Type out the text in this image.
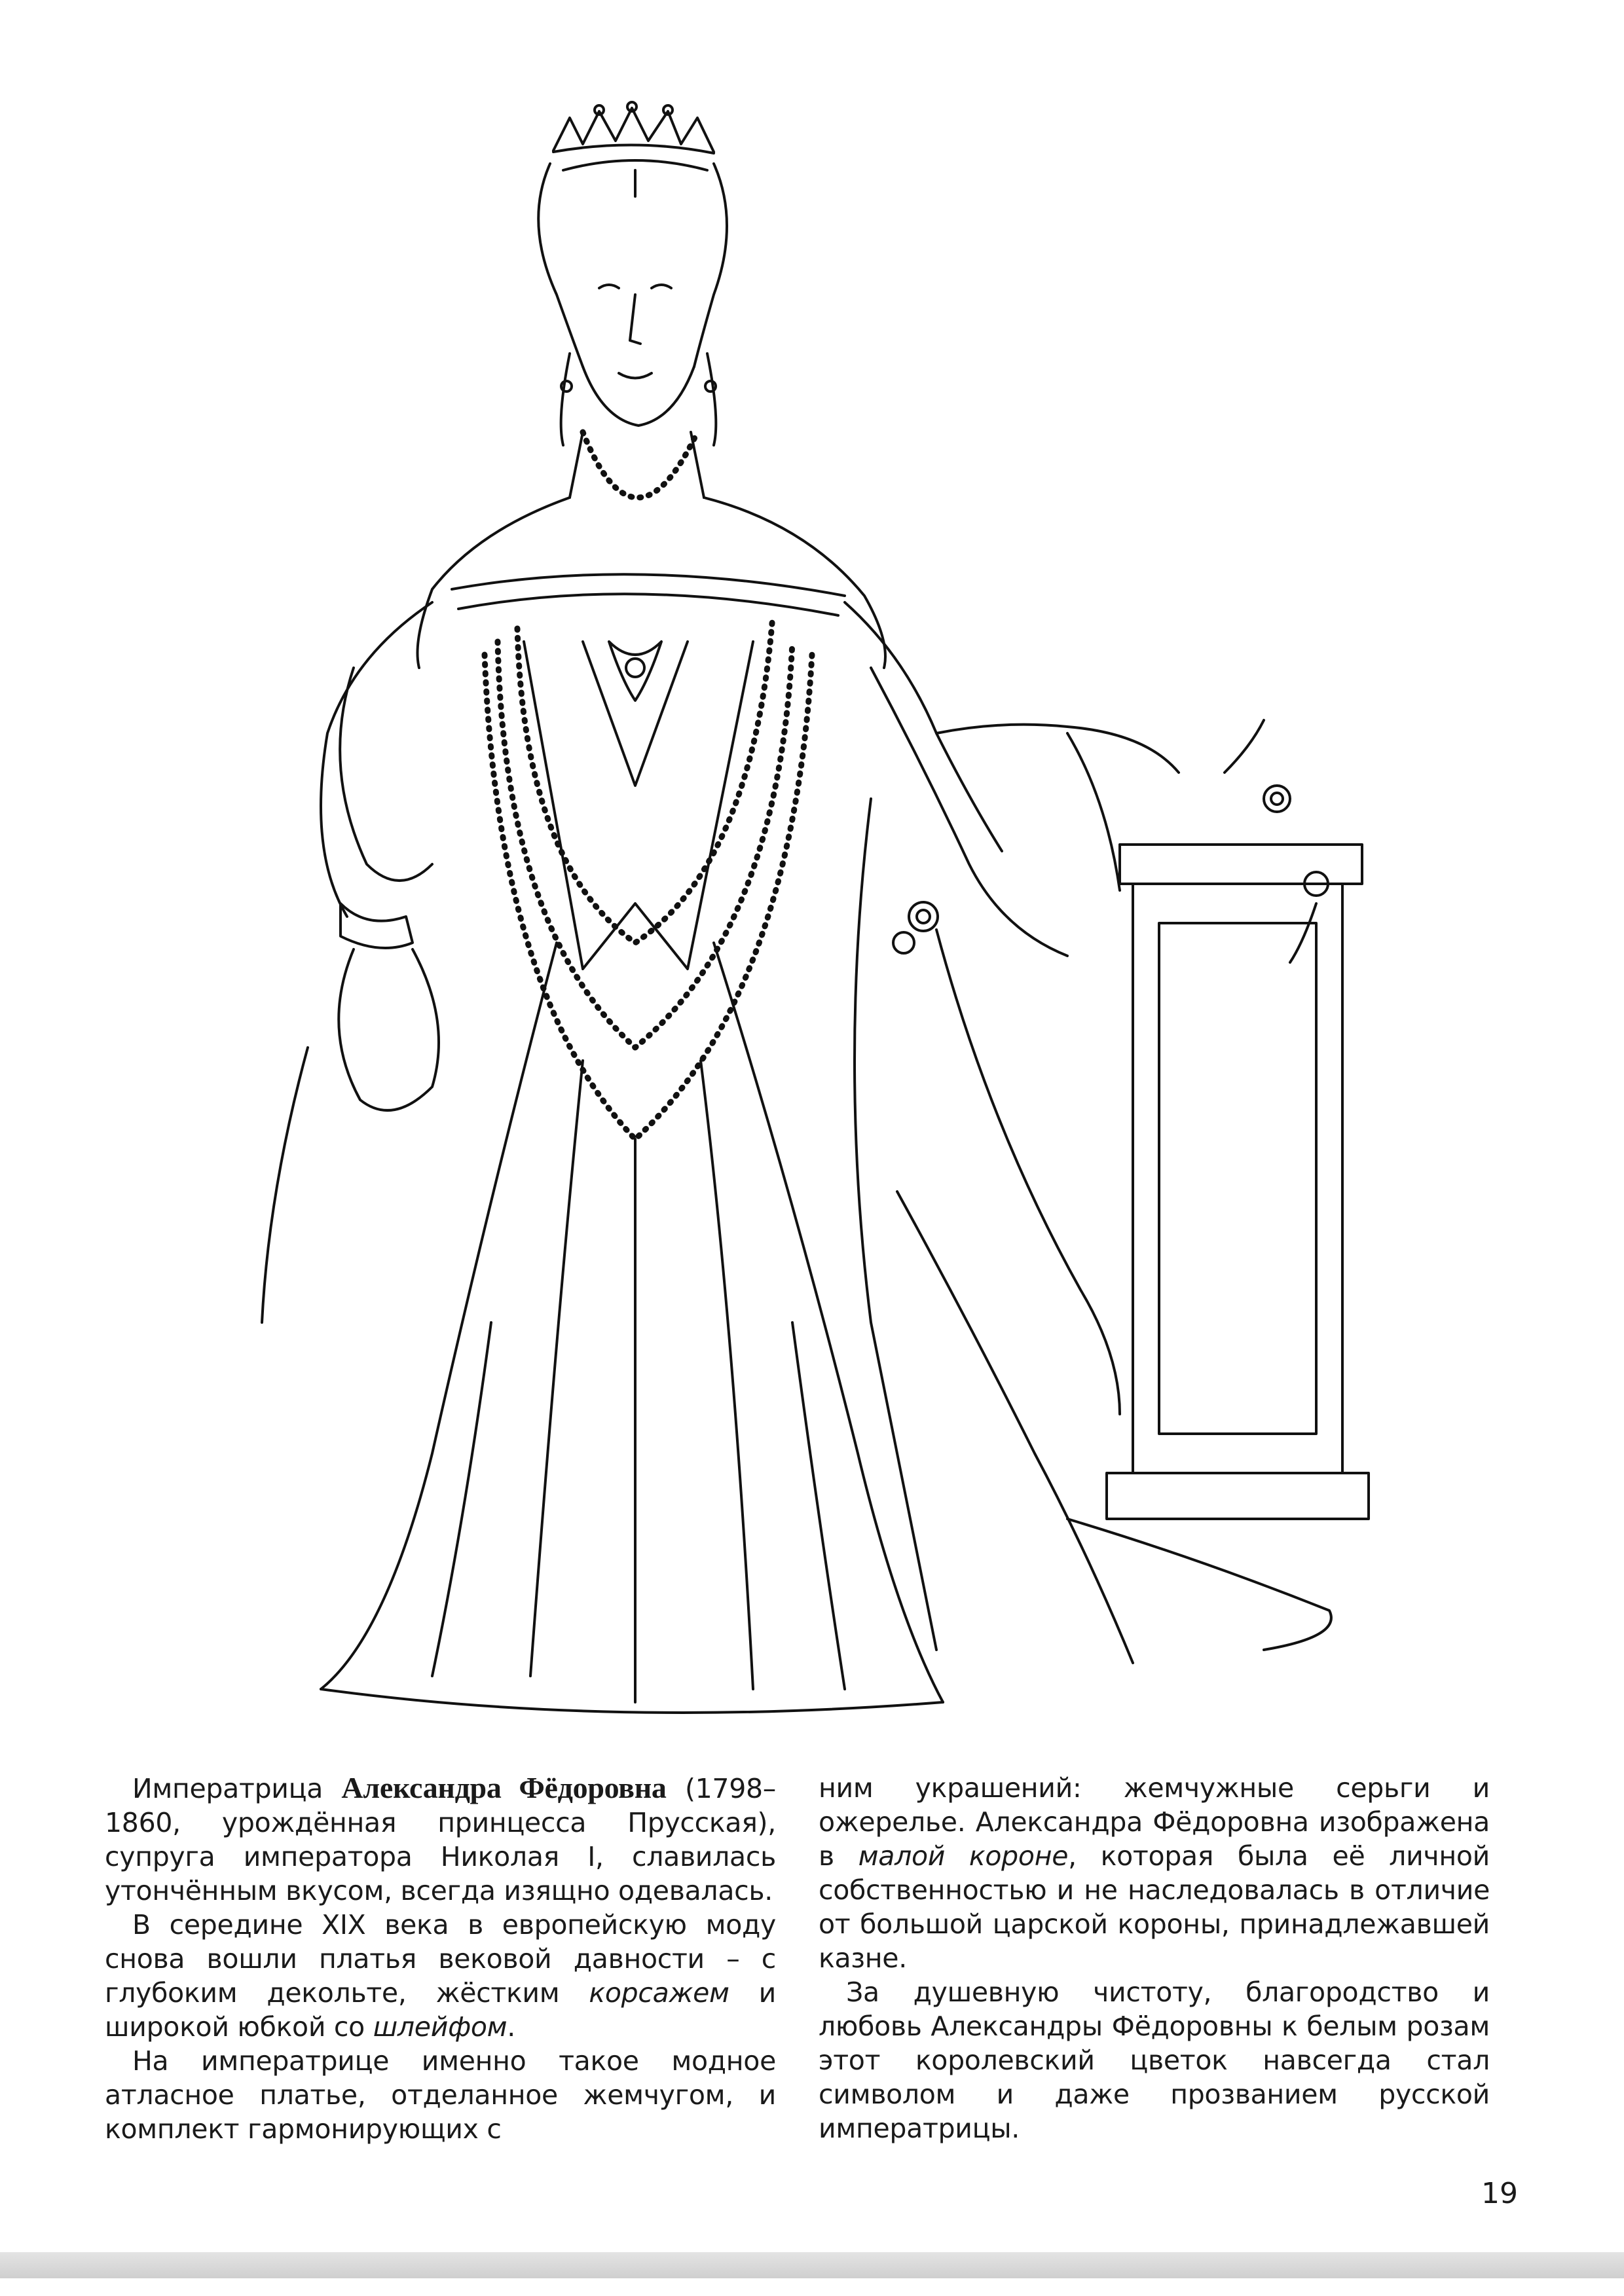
Императрица Александра Фёдоровна (1798–1860, урождённая принцесса Прусская), супруга императора Николая I, славилась утончённым вкусом, всегда изящно одевалась.

В середине XIX века в европейскую моду снова вошли платья вековой давности – с глубоким декольте, жёстким корсажем и широкой юбкой со шлейфом.

На императрице именно такое модное атласное платье, отделанное жемчугом, и комплект гармонирующих с

ним украшений: жемчужные серьги и ожерелье. Александра Фёдоровна изображена в малой короне, которая была её личной собственностью и не наследовалась в отличие от большой царской короны, принадлежавшей казне.

За душевную чистоту, благородство и любовь Александры Фёдоровны к белым розам этот королевский цветок навсегда стал символом и даже прозванием русской императрицы.

19
